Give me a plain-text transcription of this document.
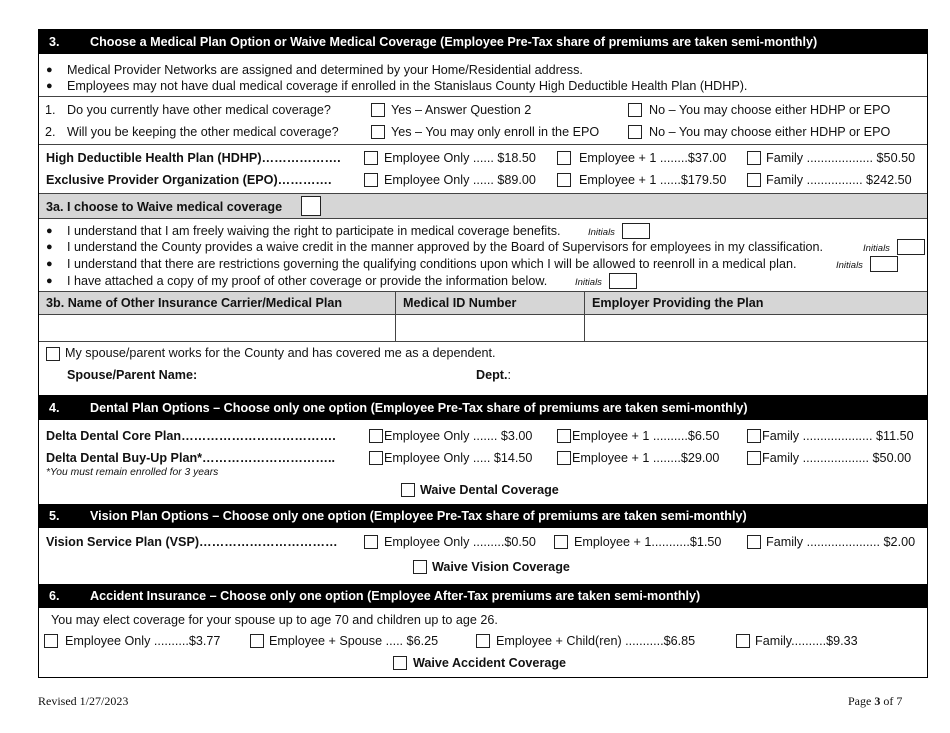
3. Choose a Medical Plan Option or Waive Medical Coverage (Employee Pre-Tax share of premiums are taken semi-monthly)
● Medical Provider Networks are assigned and determined by your Home/Residential address.
● Employees may not have dual medical coverage if enrolled in the Stanislaus County High Deductible Health Plan (HDHP).
1. Do you currently have other medical coverage?	Yes – Answer Question 2	No – You may choose either HDHP or EPO
2. Will you be keeping the other medical coverage?	Yes – You may only enroll in the EPO	No – You may choose either HDHP or EPO
High Deductible Health Plan (HDHP)……………….	Employee Only ...... $18.50	Employee + 1 ........$37.00	Family ................... $50.50
Exclusive Provider Organization (EPO)………….	Employee Only ...... $89.00	Employee + 1 ......$179.50	Family ................ $242.50
3a. I choose to Waive medical coverage
● I understand that I am freely waiving the right to participate in medical coverage benefits.	Initials
● I understand the County provides a waive credit in the manner approved by the Board of Supervisors for employees in my classification.	Initials
● I understand that there are restrictions governing the qualifying conditions upon which I will be allowed to reenroll in a medical plan.	Initials
● I have attached a copy of my proof of other coverage or provide the information below.	Initials
3b. Name of Other Insurance Carrier/Medical Plan	Medical ID Number	Employer Providing the Plan
My spouse/parent works for the County and has covered me as a dependent.
Spouse/Parent Name:	Dept.:
4. Dental Plan Options – Choose only one option (Employee Pre-Tax share of premiums are taken semi-monthly)
Delta Dental Core Plan……………………………….	Employee Only ....... $3.00	Employee + 1 ..........$6.50	Family .................... $11.50
Delta Dental Buy-Up Plan*…………………………..	Employee Only ..... $14.50	Employee + 1 ........$29.00	Family ................... $50.00
*You must remain enrolled for 3 years
Waive Dental Coverage
5. Vision Plan Options – Choose only one option (Employee Pre-Tax share of premiums are taken semi-monthly)
Vision Service Plan (VSP)……………………………	Employee Only .........$0.50	Employee + 1...........$1.50	Family ..................... $2.00
Waive Vision Coverage
6. Accident Insurance – Choose only one option (Employee After-Tax premiums are taken semi-monthly)
You may elect coverage for your spouse up to age 70 and children up to age 26.
Employee Only ..........$3.77	Employee + Spouse ..... $6.25	Employee + Child(ren) ...........$6.85	Family..........$9.33
Waive Accident Coverage
Revised 1/27/2023	Page 3 of 7
